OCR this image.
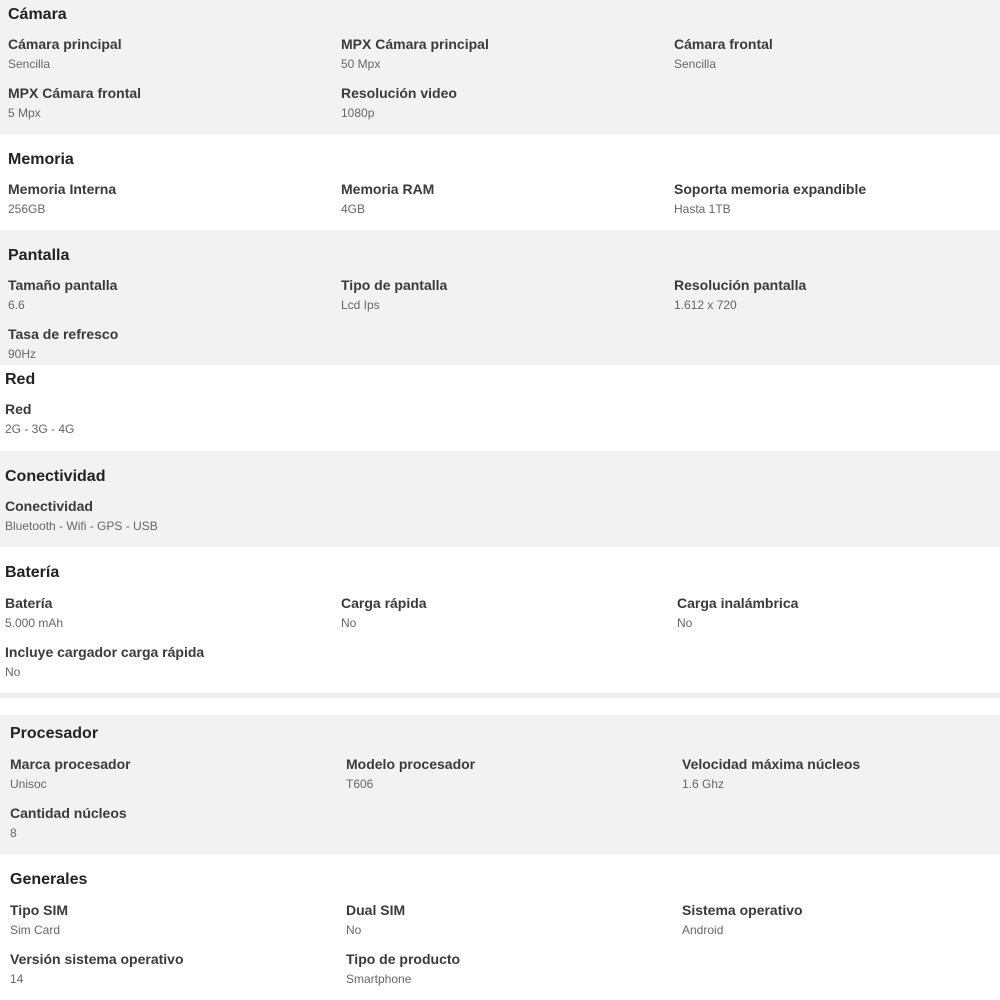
Cámara
Cámara principal
Sencilla
MPX Cámara principal
50 Mpx
Cámara frontal
Sencilla
MPX Cámara frontal
5 Mpx
Resolución video
1080p
Memoria
Memoria Interna
256GB
Memoria RAM
4GB
Soporta memoria expandible
Hasta 1TB
Pantalla
Tamaño pantalla
6.6
Tipo de pantalla
Lcd Ips
Resolución pantalla
1.612 x 720
Tasa de refresco
90Hz
Red
Red
2G - 3G - 4G
Conectividad
Conectividad
Bluetooth - Wifi - GPS - USB
Batería
Batería
5.000 mAh
Carga rápida
No
Carga inalámbrica
No
Incluye cargador carga rápida
No
Procesador
Marca procesador
Unisoc
Modelo procesador
T606
Velocidad máxima núcleos
1.6 Ghz
Cantidad núcleos
8
Generales
Tipo SIM
Sim Card
Dual SIM
No
Sistema operativo
Android
Versión sistema operativo
14
Tipo de producto
Smartphone
